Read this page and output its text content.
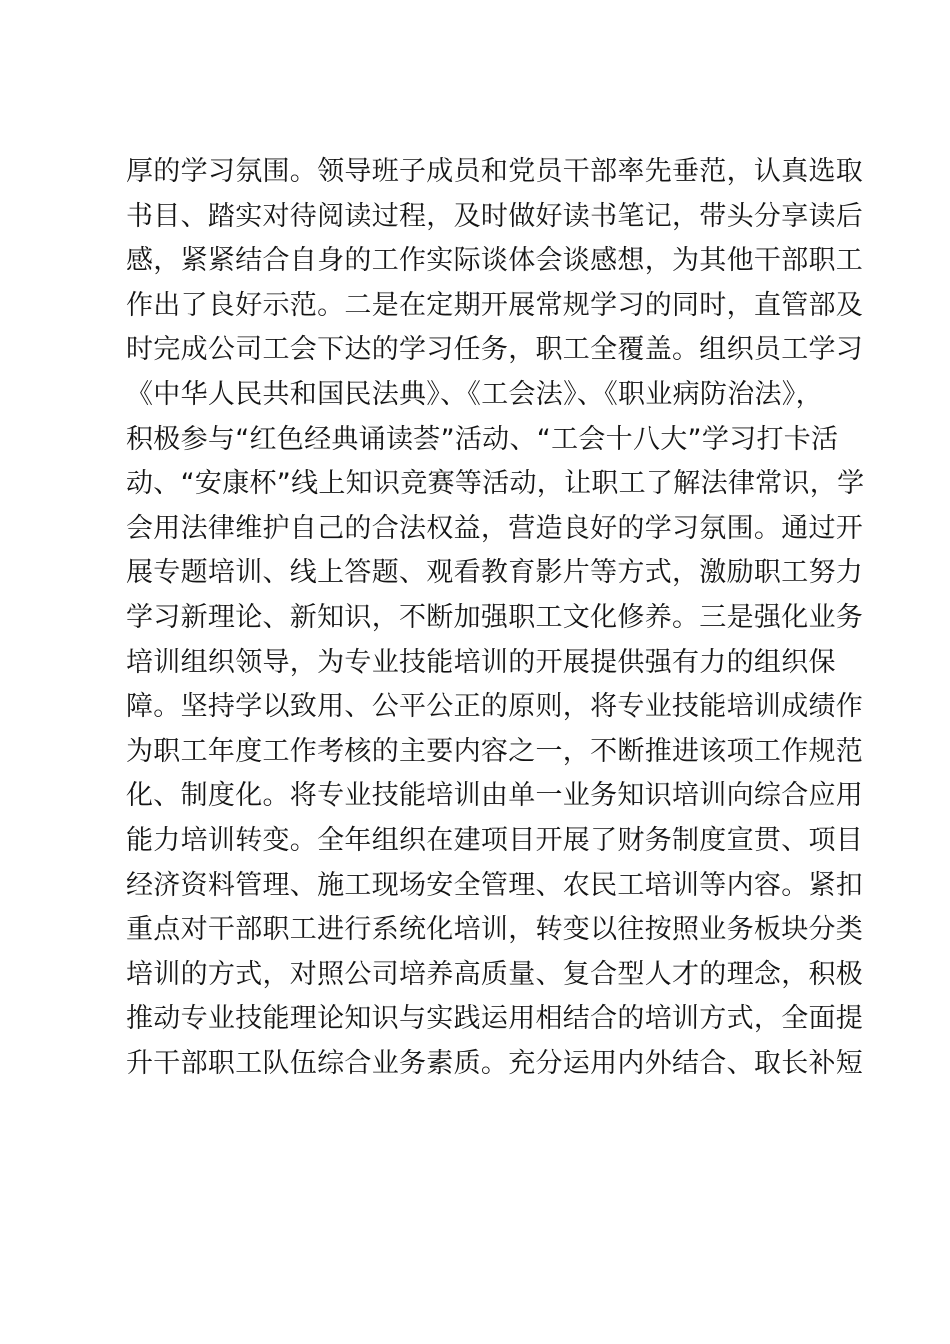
厚的学习氛围。领导班子成员和党员干部率先垂范，认真选取
书目、踏实对待阅读过程，及时做好读书笔记，带头分享读后
感，紧紧结合自身的工作实际谈体会谈感想，为其他干部职工
作出了良好示范。二是在定期开展常规学习的同时，直管部及
时完成公司工会下达的学习任务，职工全覆盖。组织员工学习
《中华人民共和国民法典》、《工会法》、《职业病防治法》，
积极参与“红色经典诵读荟”活动、“工会十八大”学习打卡活
动、“安康杯”线上知识竞赛等活动，让职工了解法律常识，学
会用法律维护自己的合法权益，营造良好的学习氛围。通过开
展专题培训、线上答题、观看教育影片等方式，激励职工努力
学习新理论、新知识，不断加强职工文化修养。三是强化业务
培训组织领导，为专业技能培训的开展提供强有力的组织保
障。坚持学以致用、公平公正的原则，将专业技能培训成绩作
为职工年度工作考核的主要内容之一，不断推进该项工作规范
化、制度化。将专业技能培训由单一业务知识培训向综合应用
能力培训转变。全年组织在建项目开展了财务制度宣贯、项目
经济资料管理、施工现场安全管理、农民工培训等内容。紧扣
重点对干部职工进行系统化培训，转变以往按照业务板块分类
培训的方式，对照公司培养高质量、复合型人才的理念，积极
推动专业技能理论知识与实践运用相结合的培训方式，全面提
升干部职工队伍综合业务素质。充分运用内外结合、取长补短
